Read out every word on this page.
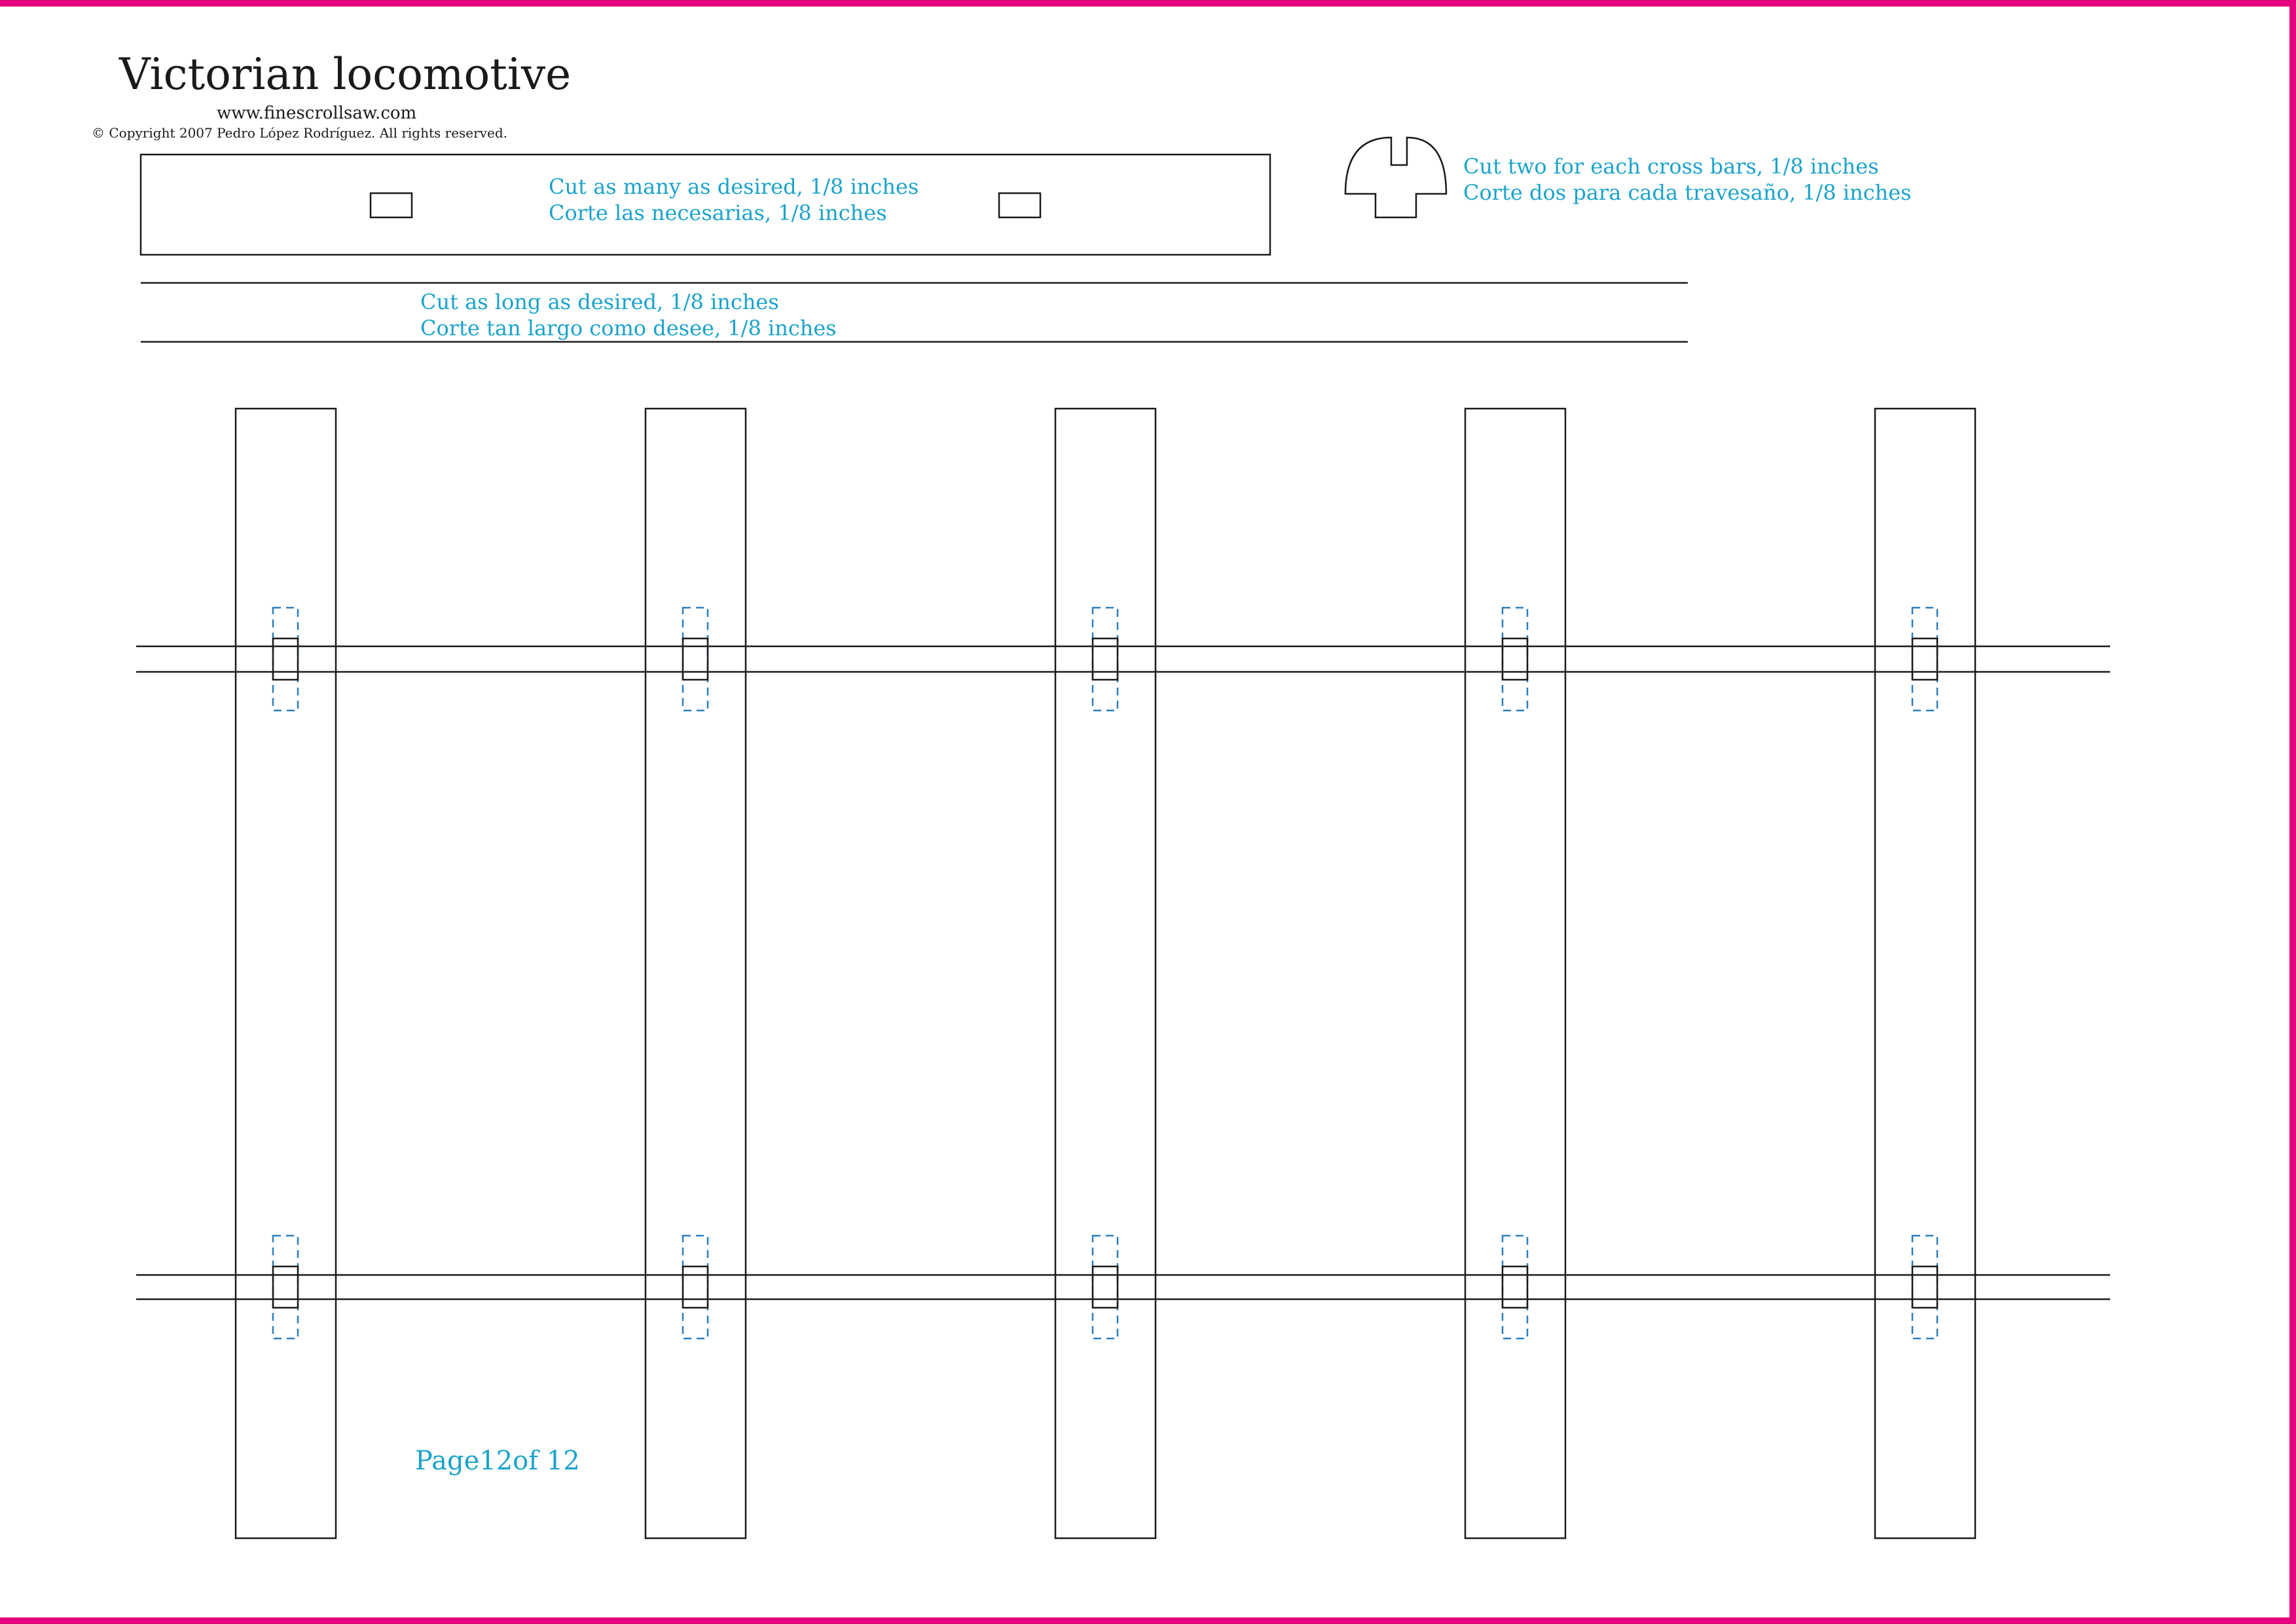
Victorian locomotive
www.finescrollsaw.com
© Copyright 2007 Pedro López Rodríguez. All rights reserved.
Cut as many as desired, 1/8 inches
Corte las necesarias, 1/8 inches
Cut two for each cross bars, 1/8 inches
Corte dos para cada travesaño, 1/8 inches
Cut as long as desired, 1/8 inches
Corte tan largo como desee, 1/8 inches
Page12of 12
